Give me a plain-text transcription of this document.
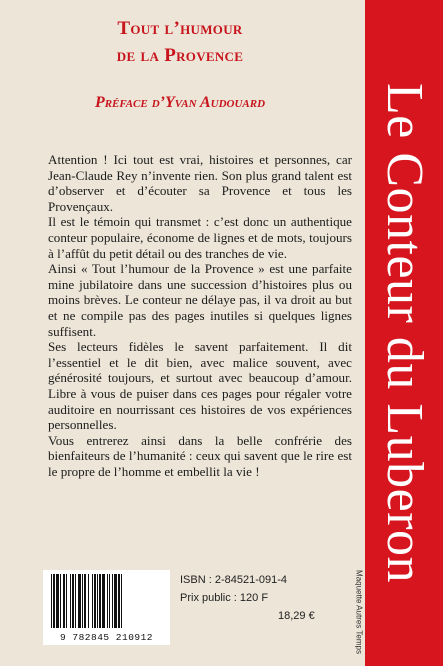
Tout l’humour
de la Provence
Préface d’Yvan Audouard

Attention ! Ici tout est vrai, histoires et personnes, car Jean-Claude Rey n’invente rien. Son plus grand talent est d’observer et d’écouter sa Provence et tous les Provençaux.

Il est le témoin qui transmet : c’est donc un authentique conteur populaire, économe de lignes et de mots, toujours à l’affût du petit détail ou des tranches de vie.

Ainsi « Tout l’humour de la Provence » est une parfaite mine jubilatoire dans une succession d’histoires plus ou moins brèves. Le conteur ne délaye pas, il va droit au but et ne compile pas des pages inutiles si quelques lignes suffisent.

Ses lecteurs fidèles le savent parfaitement. Il dit l’essentiel et le dit bien, avec malice souvent, avec générosité toujours, et surtout avec beaucoup d’amour. Libre à vous de puiser dans ces pages pour régaler votre auditoire en nourrissant ces histoires de vos expériences personnelles.

Vous entrerez ainsi dans la belle confrérie des bienfaiteurs de l’humanité : ceux qui savent que le rire est le propre de l’homme et embellit la vie !	Le Conteur du Luberon
Maquette Autres Temps
9 782845 210912
ISBN : 2-84521-091-4
Prix public : 120 F
18,29 €
